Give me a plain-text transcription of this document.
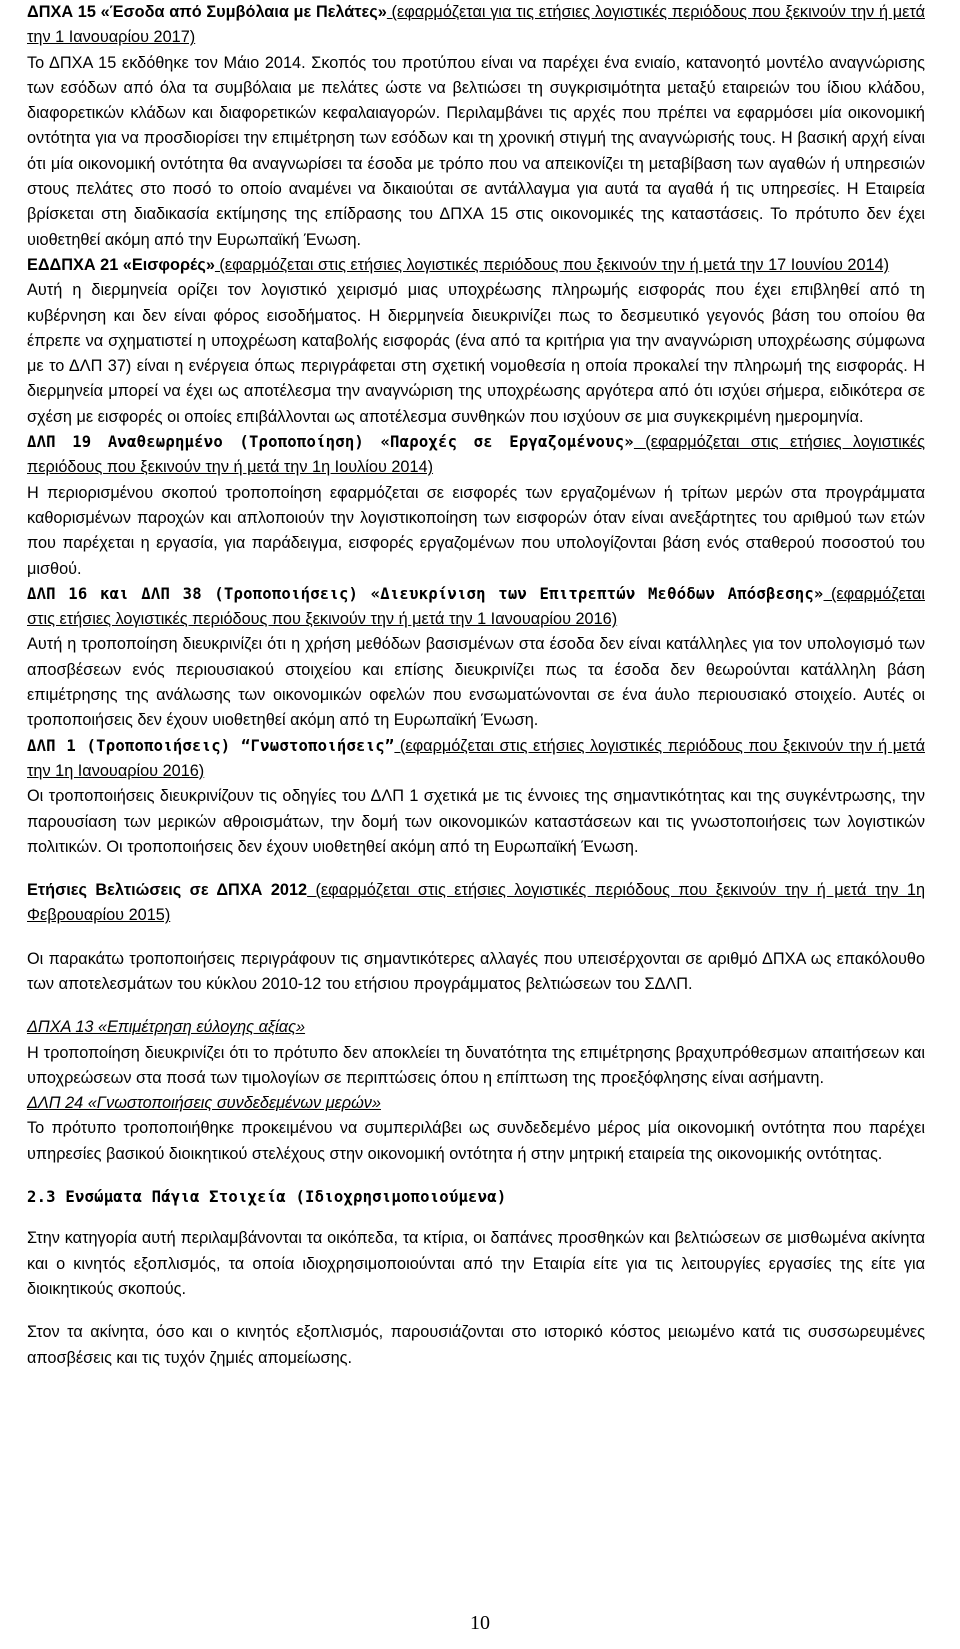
ΔΠΧΑ 15 «Έσοδα από Συμβόλαια με Πελάτες» (εφαρμόζεται για τις ετήσιες λογιστικές περιόδους που ξεκινούν την ή μετά την 1 Ιανουαρίου 2017)
Το ΔΠΧΑ 15 εκδόθηκε τον Μάιο 2014. Σκοπός του προτύπου είναι να παρέχει ένα ενιαίο, κατανοητό μοντέλο αναγνώρισης των εσόδων από όλα τα συμβόλαια με πελάτες ώστε να βελτιώσει τη συγκρισιμότητα μεταξύ εταιρειών του ίδιου κλάδου, διαφορετικών κλάδων και διαφορετικών κεφαλαιαγορών. Περιλαμβάνει τις αρχές που πρέπει να εφαρμόσει μία οικονομική οντότητα για να προσδιορίσει την επιμέτρηση των εσόδων και τη χρονική στιγμή της αναγνώρισής τους. Η βασική αρχή είναι ότι μία οικονομική οντότητα θα αναγνωρίσει τα έσοδα με τρόπο που να απεικονίζει τη μεταβίβαση των αγαθών ή υπηρεσιών στους πελάτες στο ποσό το οποίο αναμένει να δικαιούται σε αντάλλαγμα για αυτά τα αγαθά ή τις υπηρεσίες. Η Εταιρεία βρίσκεται στη διαδικασία εκτίμησης της επίδρασης του ΔΠΧΑ 15 στις οικονομικές της καταστάσεις. Το πρότυπο δεν έχει υιοθετηθεί ακόμη από την Ευρωπαϊκή Ένωση.

ΕΔΔΠΧΑ 21 «Εισφορές» (εφαρμόζεται στις ετήσιες λογιστικές περιόδους που ξεκινούν την ή μετά την 17 Ιουνίου 2014)
Αυτή η διερμηνεία ορίζει τον λογιστικό χειρισμό μιας υποχρέωσης πληρωμής εισφοράς που έχει επιβληθεί από τη κυβέρνηση και δεν είναι φόρος εισοδήματος. Η διερμηνεία διευκρινίζει πως το δεσμευτικό γεγονός βάση του οποίου θα έπρεπε να σχηματιστεί η υποχρέωση καταβολής εισφοράς (ένα από τα κριτήρια για την αναγνώριση υποχρέωσης σύμφωνα με το ΔΛΠ 37) είναι η ενέργεια όπως περιγράφεται στη σχετική νομοθεσία η οποία προκαλεί την πληρωμή της εισφοράς. Η διερμηνεία μπορεί να έχει ως αποτέλεσμα την αναγνώριση της υποχρέωσης αργότερα από ότι ισχύει σήμερα, ειδικότερα σε σχέση με εισφορές οι οποίες επιβάλλονται ως αποτέλεσμα συνθηκών που ισχύουν σε μια συγκεκριμένη ημερομηνία.

ΔΛΠ 19 Αναθεωρημένο (Τροποποίηση) «Παροχές σε Εργαζομένους» (εφαρμόζεται στις ετήσιες λογιστικές περιόδους που ξεκινούν την ή μετά την 1η Ιουλίου 2014)
Η περιορισμένου σκοπού τροποποίηση εφαρμόζεται σε εισφορές των εργαζομένων ή τρίτων μερών στα προγράμματα καθορισμένων παροχών και απλοποιούν την λογιστικοποίηση των εισφορών όταν είναι ανεξάρτητες του αριθμού των ετών που παρέχεται η εργασία, για παράδειγμα, εισφορές εργαζομένων που υπολογίζονται βάση ενός σταθερού ποσοστού του μισθού.

ΔΛΠ 16 και ΔΛΠ 38 (Τροποποιήσεις) «Διευκρίνιση των Επιτρεπτών Μεθόδων Απόσβεσης» (εφαρμόζεται στις ετήσιες λογιστικές περιόδους που ξεκινούν την ή μετά την 1 Ιανουαρίου 2016)
Αυτή η τροποποίηση διευκρινίζει ότι η χρήση μεθόδων βασισμένων στα έσοδα δεν είναι κατάλληλες για τον υπολογισμό των αποσβέσεων ενός περιουσιακού στοιχείου και επίσης διευκρινίζει πως τα έσοδα δεν θεωρούνται κατάλληλη βάση επιμέτρησης της ανάλωσης των οικονομικών οφελών που ενσωματώνονται σε ένα άυλο περιουσιακό στοιχείο. Αυτές οι τροποποιήσεις δεν έχουν υιοθετηθεί ακόμη από τη Ευρωπαϊκή Ένωση.

ΔΛΠ 1 (Τροποποιήσεις) “Γνωστοποιήσεις” (εφαρμόζεται στις ετήσιες λογιστικές περιόδους που ξεκινούν την ή μετά την 1η Ιανουαρίου 2016)
Οι τροποποιήσεις διευκρινίζουν τις οδηγίες του ΔΛΠ 1 σχετικά με τις έννοιες της σημαντικότητας και της συγκέντρωσης, την παρουσίαση των μερικών αθροισμάτων, την δομή των οικονομικών καταστάσεων και τις γνωστοποιήσεις των λογιστικών πολιτικών. Οι τροποποιήσεις δεν έχουν υιοθετηθεί ακόμη από τη Ευρωπαϊκή Ένωση.

Ετήσιες Βελτιώσεις σε ΔΠΧΑ 2012 (εφαρμόζεται στις ετήσιες λογιστικές περιόδους που ξεκινούν την ή μετά την 1η Φεβρουαρίου 2015)

Οι παρακάτω τροποποιήσεις περιγράφουν τις σημαντικότερες αλλαγές που υπεισέρχονται σε αριθμό ΔΠΧΑ ως επακόλουθο των αποτελεσμάτων του κύκλου 2010-12 του ετήσιου προγράμματος βελτιώσεων του ΣΔΛΠ.

ΔΠΧΑ 13 «Επιμέτρηση εύλογης αξίας»
Η τροποποίηση διευκρινίζει ότι το πρότυπο δεν αποκλείει τη δυνατότητα της επιμέτρησης βραχυπρόθεσμων απαιτήσεων και υποχρεώσεων στα ποσά των τιμολογίων σε περιπτώσεις όπου η επίπτωση της προεξόφλησης είναι ασήμαντη.

ΔΛΠ 24 «Γνωστοποιήσεις συνδεδεμένων μερών»
Το πρότυπο τροποποιήθηκε προκειμένου να συμπεριλάβει ως συνδεδεμένο μέρος μία οικονομική οντότητα που παρέχει υπηρεσίες βασικού διοικητικού στελέχους στην οικονομική οντότητα ή στην μητρική εταιρεία της οικονομικής οντότητας.

2.3 Ενσώματα Πάγια Στοιχεία (Ιδιοχρησιμοποιούμενα)

Στην κατηγορία αυτή περιλαμβάνονται τα οικόπεδα, τα κτίρια, οι δαπάνες προσθηκών και βελτιώσεων σε μισθωμένα ακίνητα και ο κινητός εξοπλισμός, τα οποία ιδιοχρησιμοποιούνται από την Εταιρία είτε για τις λειτουργίες εργασίες της είτε για διοικητικούς σκοπούς.

Στον τα ακίνητα, όσο και ο κινητός εξοπλισμός, παρουσιάζονται στο ιστορικό κόστος μειωμένο κατά τις συσσωρευμένες αποσβέσεις και τις τυχόν ζημιές απομείωσης.

10
